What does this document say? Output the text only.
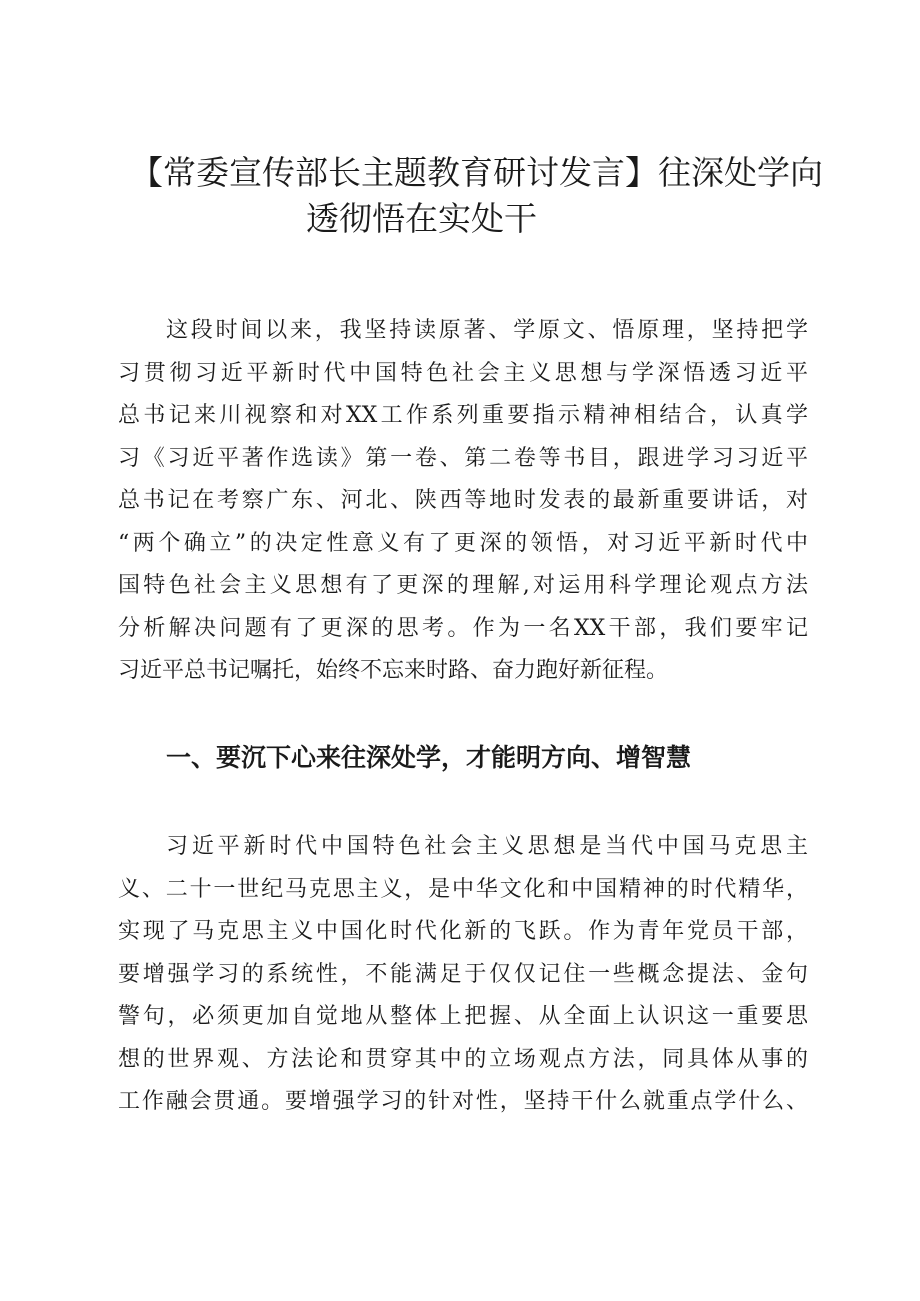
【常委宣传部长主题教育研讨发言】往深处学向
透彻悟在实处干

这段时间以来，我坚持读原著、学原文、悟原理，坚持把学
习贯彻习近平新时代中国特色社会主义思想与学深悟透习近平
总书记来川视察和对XX工作系列重要指示精神相结合，认真学
习《习近平著作选读》第一卷、第二卷等书目，跟进学习习近平
总书记在考察广东、河北、陕西等地时发表的最新重要讲话，对
“两个确立”的决定性意义有了更深的领悟，对习近平新时代中
国特色社会主义思想有了更深的理解,对运用科学理论观点方法
分析解决问题有了更深的思考。作为一名XX干部，我们要牢记
习近平总书记嘱托，始终不忘来时路、奋力跑好新征程。

一、要沉下心来往深处学，才能明方向、增智慧

习近平新时代中国特色社会主义思想是当代中国马克思主
义、二十一世纪马克思主义，是中华文化和中国精神的时代精华，
实现了马克思主义中国化时代化新的飞跃。作为青年党员干部，
要增强学习的系统性，不能满足于仅仅记住一些概念提法、金句
警句，必须更加自觉地从整体上把握、从全面上认识这一重要思
想的世界观、方法论和贯穿其中的立场观点方法，同具体从事的
工作融会贯通。要增强学习的针对性，坚持干什么就重点学什么、
